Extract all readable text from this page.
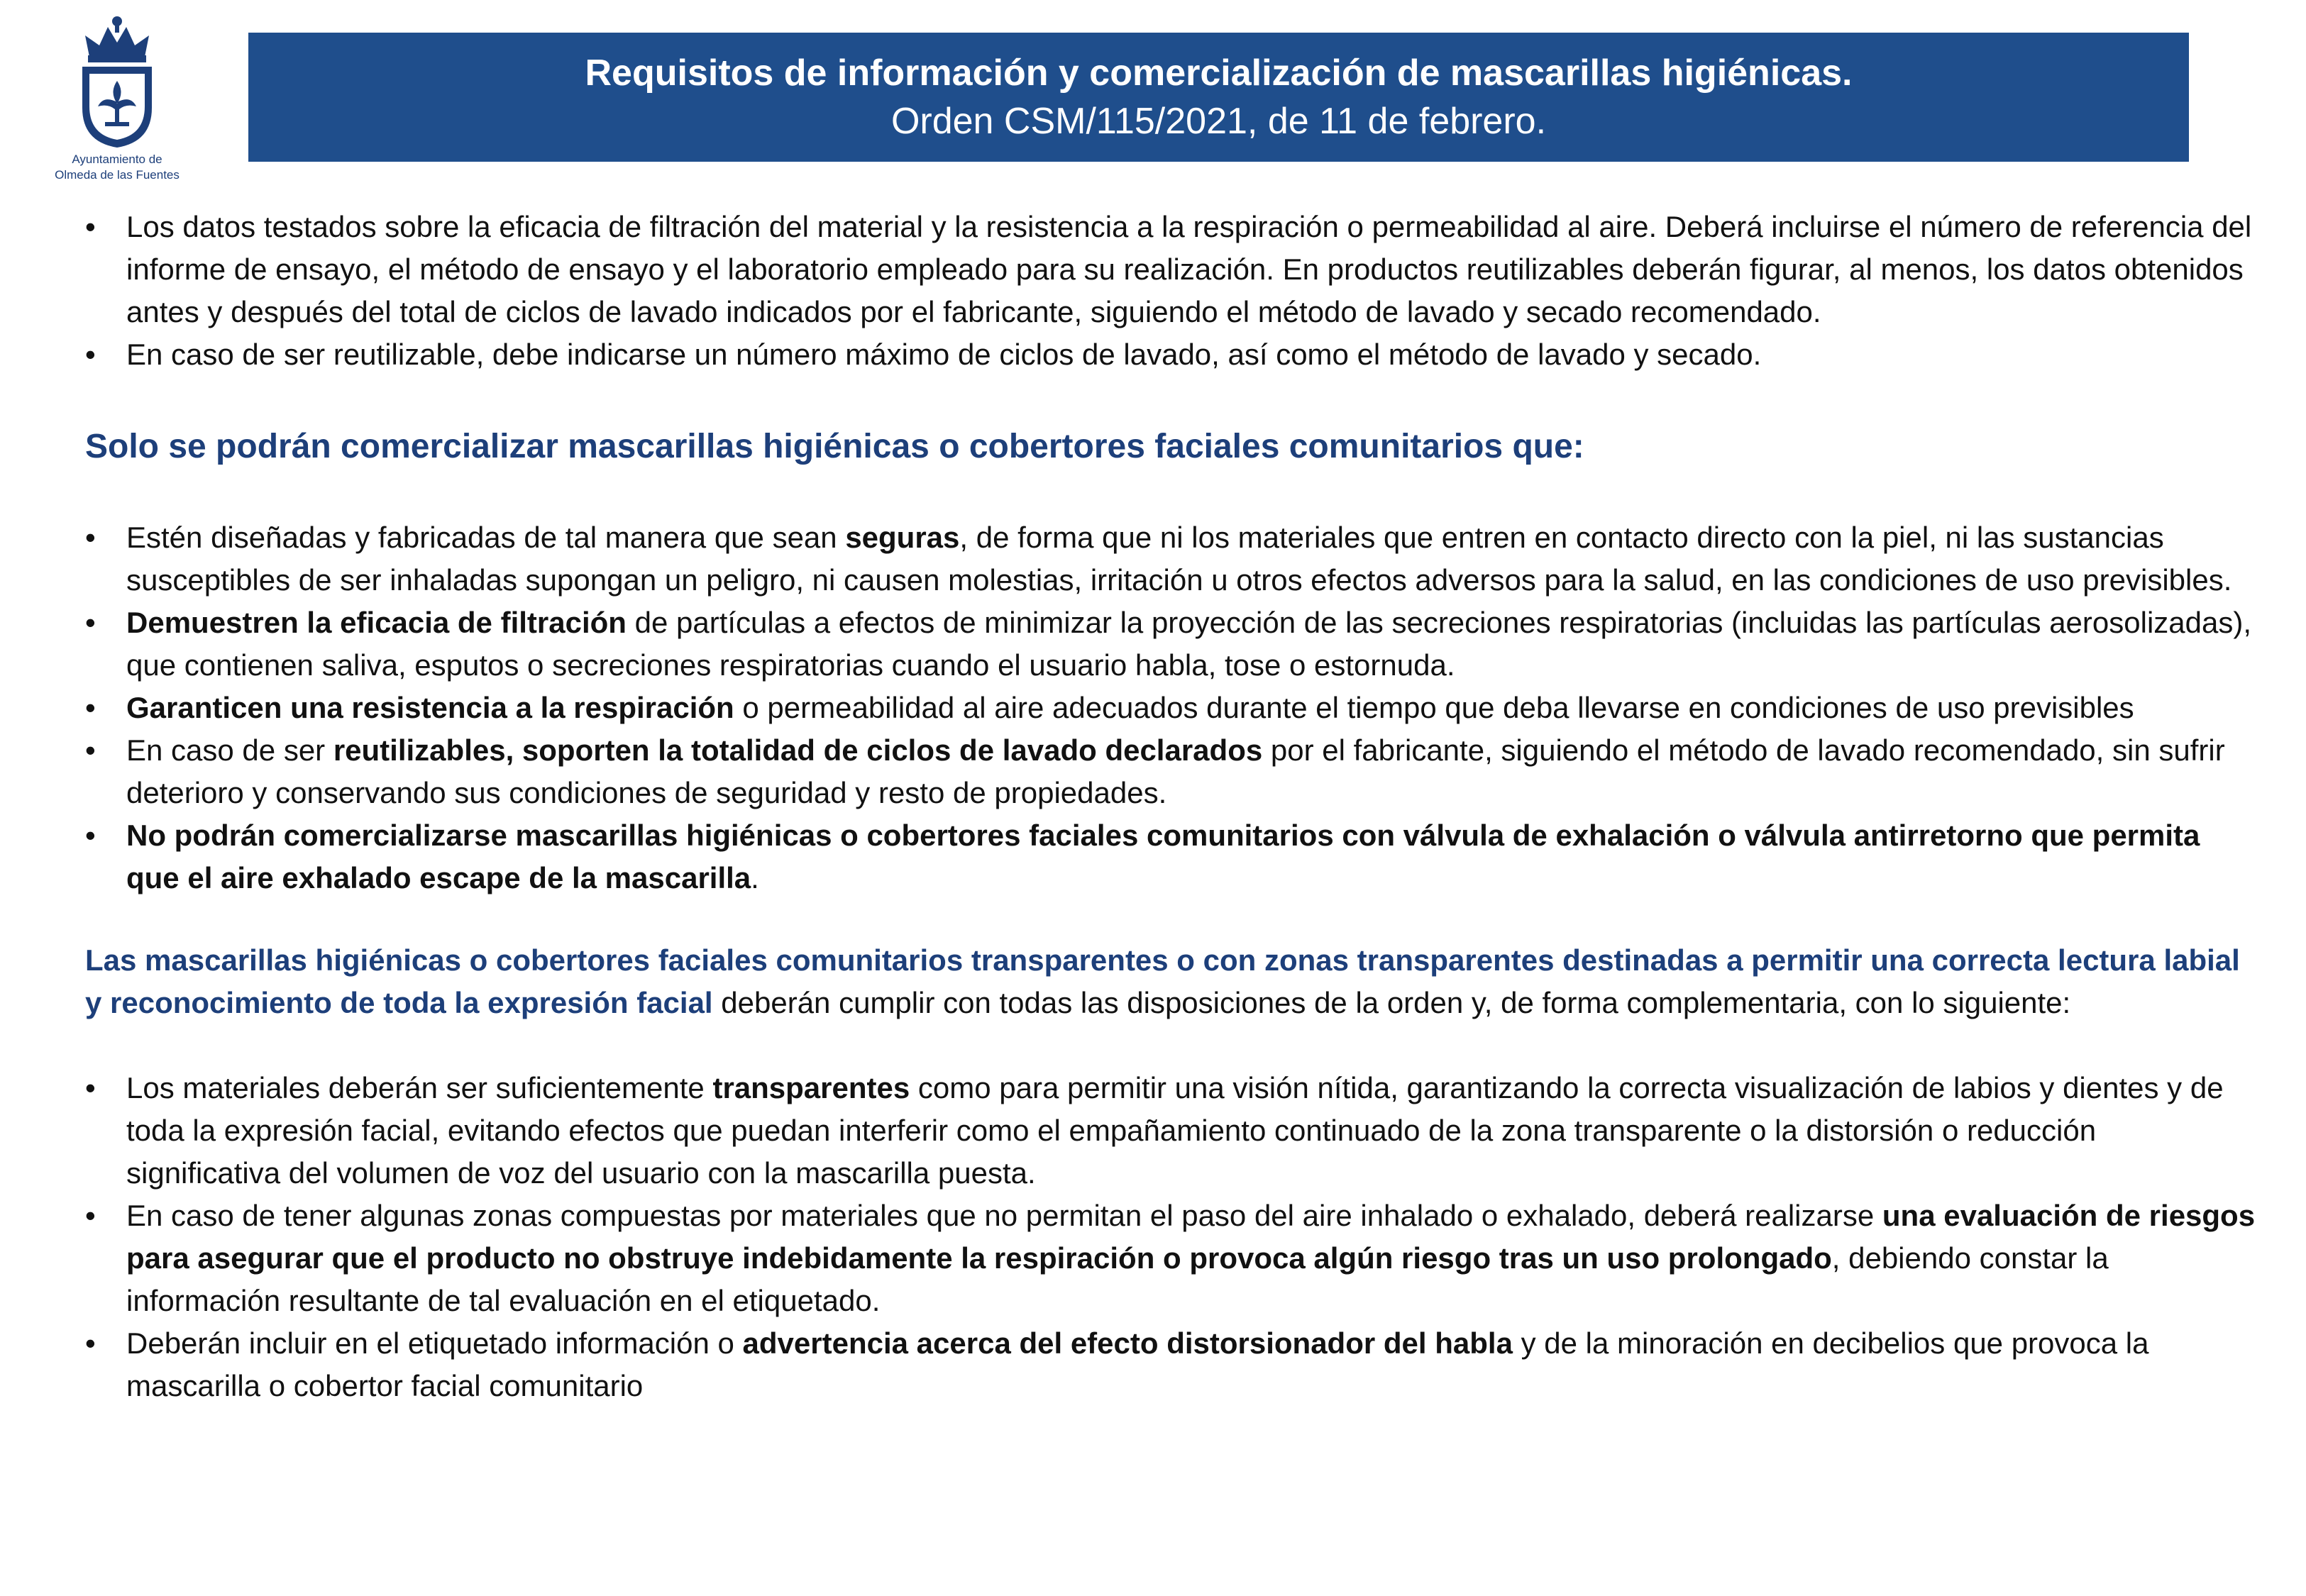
Ayuntamiento de
Olmeda de las Fuentes
Requisitos de información y comercialización de mascarillas higiénicas.
Orden CSM/115/2021, de 11 de febrero.
• Los datos testados sobre la eficacia de filtración del material y la resistencia a la respiración o permeabilidad al aire. Deberá incluirse el número de referencia del informe de ensayo, el método de ensayo y el laboratorio empleado para su realización. En productos reutilizables deberán figurar, al menos, los datos obtenidos antes y después del total de ciclos de lavado indicados por el fabricante, siguiendo el método de lavado y secado recomendado.
• En caso de ser reutilizable, debe indicarse un número máximo de ciclos de lavado, así como el método de lavado y secado.
Solo se podrán comercializar mascarillas higiénicas o cobertores faciales comunitarios que:
• Estén diseñadas y fabricadas de tal manera que sean seguras, de forma que ni los materiales que entren en contacto directo con la piel, ni las sustancias susceptibles de ser inhaladas supongan un peligro, ni causen molestias, irritación u otros efectos adversos para la salud, en las condiciones de uso previsibles.
• Demuestren la eficacia de filtración de partículas a efectos de minimizar la proyección de las secreciones respiratorias (incluidas las partículas aerosolizadas), que contienen saliva, esputos o secreciones respiratorias cuando el usuario habla, tose o estornuda.
• Garanticen una resistencia a la respiración o permeabilidad al aire adecuados durante el tiempo que deba llevarse en condiciones de uso previsibles
• En caso de ser reutilizables, soporten la totalidad de ciclos de lavado declarados por el fabricante, siguiendo el método de lavado recomendado, sin sufrir deterioro y conservando sus condiciones de seguridad y resto de propiedades.
• No podrán comercializarse mascarillas higiénicas o cobertores faciales comunitarios con válvula de exhalación o válvula antirretorno que permita que el aire exhalado escape de la mascarilla.
Las mascarillas higiénicas o cobertores faciales comunitarios transparentes o con zonas transparentes destinadas a permitir una correcta lectura labial y reconocimiento de toda la expresión facial deberán cumplir con todas las disposiciones de la orden y, de forma complementaria, con lo siguiente:
• Los materiales deberán ser suficientemente transparentes como para permitir una visión nítida, garantizando la correcta visualización de labios y dientes y de toda la expresión facial, evitando efectos que puedan interferir como el empañamiento continuado de la zona transparente o la distorsión o reducción significativa del volumen de voz del usuario con la mascarilla puesta.
• En caso de tener algunas zonas compuestas por materiales que no permitan el paso del aire inhalado o exhalado, deberá realizarse una evaluación de riesgos para asegurar que el producto no obstruye indebidamente la respiración o provoca algún riesgo tras un uso prolongado, debiendo constar la información resultante de tal evaluación en el etiquetado.
• Deberán incluir en el etiquetado información o advertencia acerca del efecto distorsionador del habla y de la minoración en decibelios que provoca la mascarilla o cobertor facial comunitario
